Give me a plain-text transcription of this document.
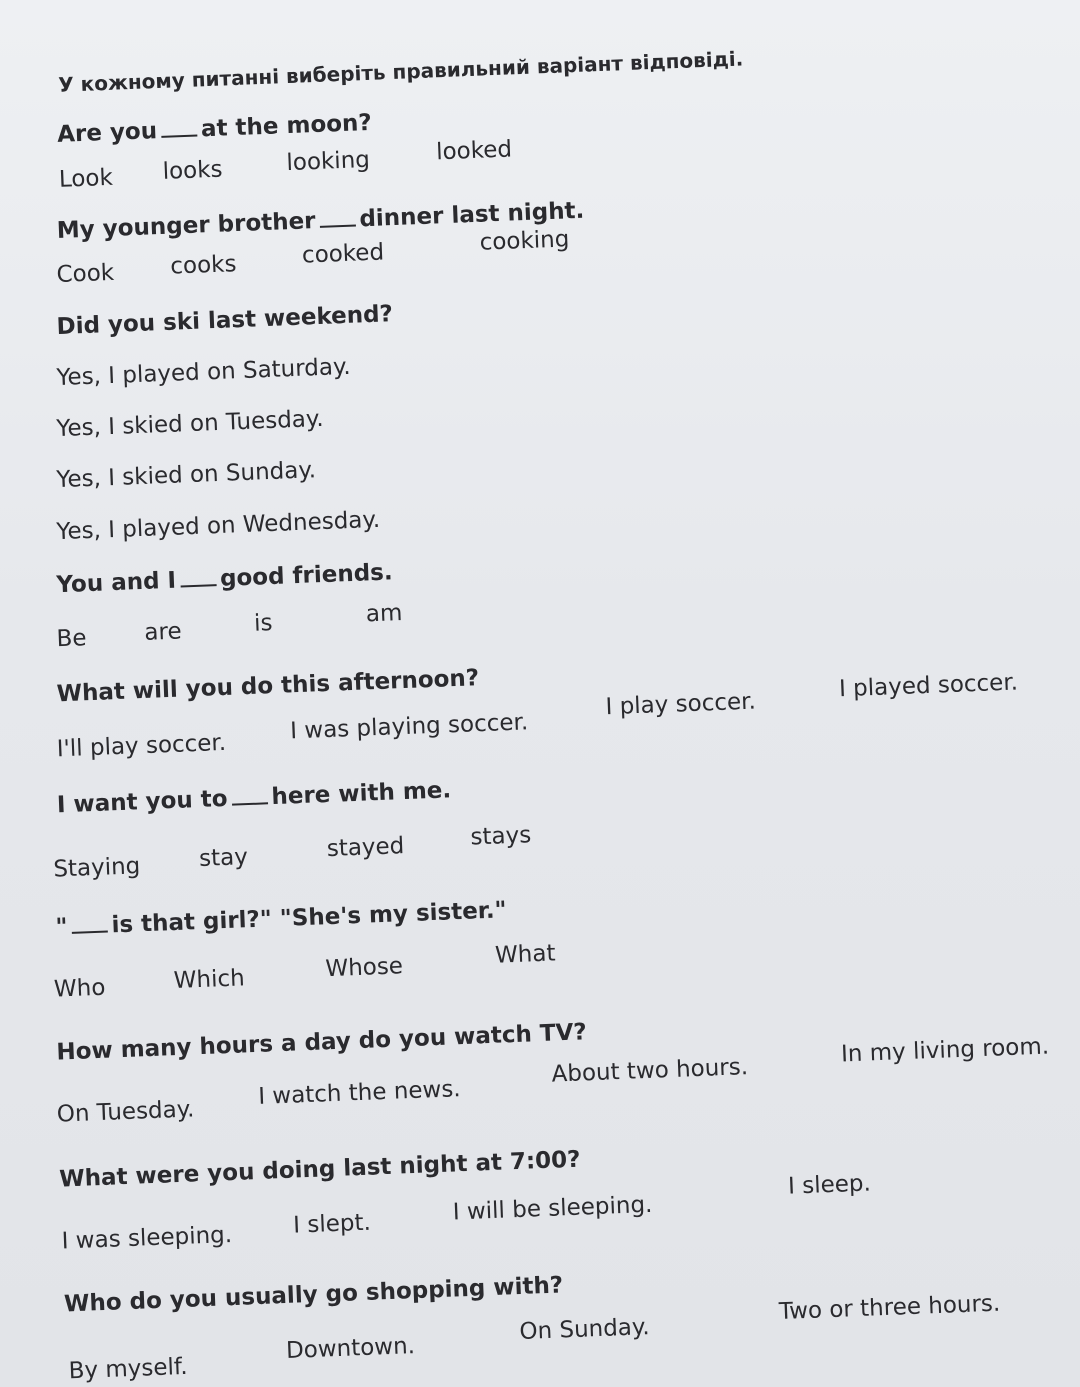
У кожному питанні виберіть правильний варіант відповіді.
Are you at the moon?
Look looks	looking	looked
My younger brother dinner last night.
Cook cooks	cooked	cooking
Did you ski last weekend?
Yes, I played on Saturday.
Yes, I skied on Tuesday.
Yes, I skied on Sunday.
Yes, I played on Wednesday.
You and I good friends.
Be are	is	am
What will you do this afternoon?
I'll play soccer.
I was playing soccer.
I play soccer.
I played soccer.
I want you to here with me.
Staying	stay	stayed	stays
" is that girl?" "She's my sister."
Who	Which	Whose	What
How many hours a day do you watch TV?
On Tuesday.
I watch the news.
About two hours.
In my living room.
What were you doing last night at 7:00?
I was sleeping.	I slept.	I will be sleeping.
I sleep.
Who do you usually go shopping with?
By myself.
Downtown.
On Sunday.
Two or three hours.
